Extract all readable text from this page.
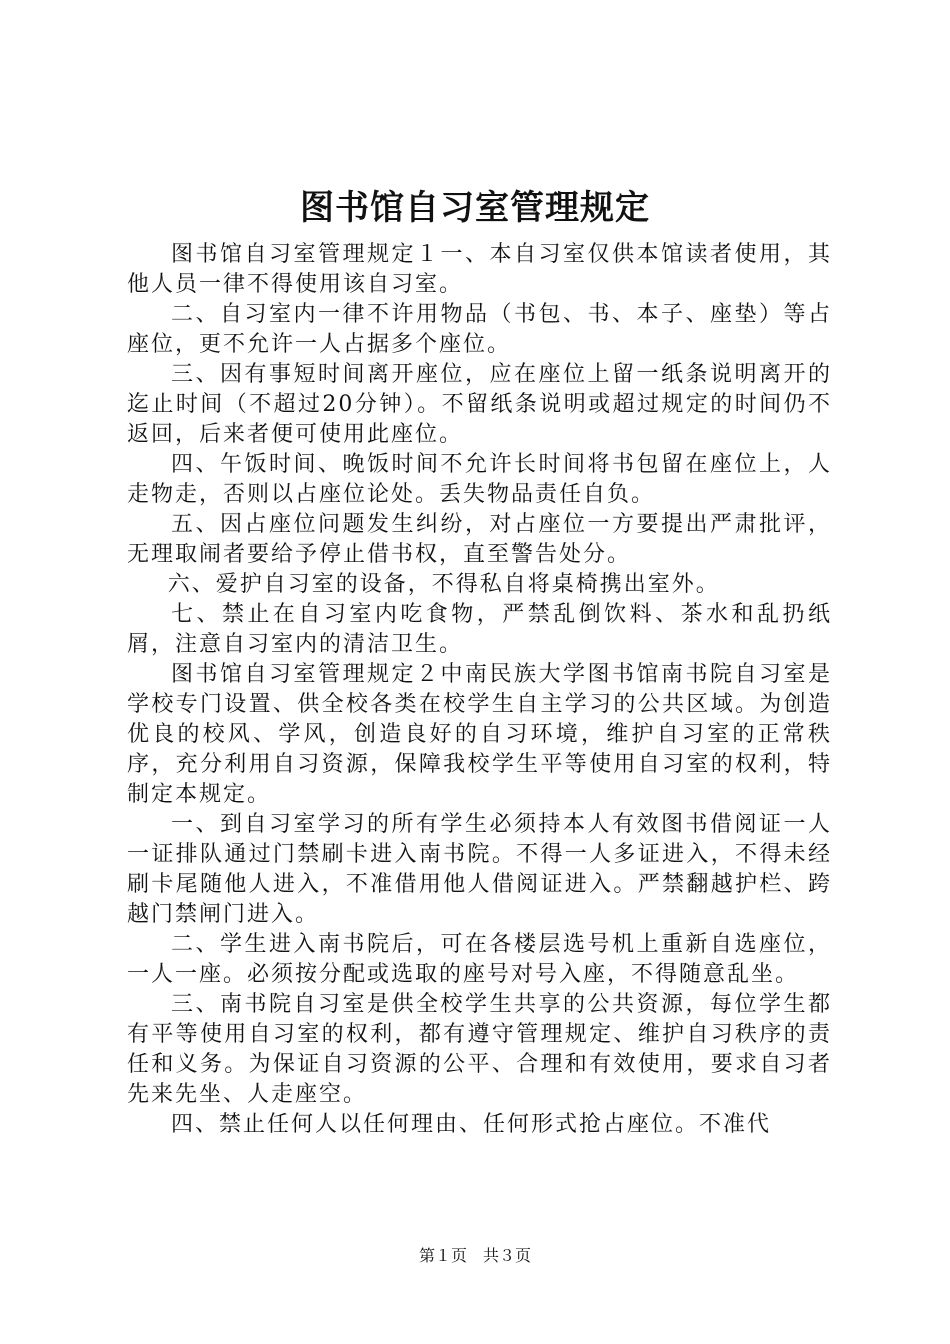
图书馆自习室管理规定

图书馆自习室管理规定１一、本自习室仅供本馆读者使用，其他人员一律不得使用该自习室。

二、自习室内一律不许用物品（书包、书、本子、座垫）等占座位，更不允许一人占据多个座位。

三、因有事短时间离开座位，应在座位上留一纸条说明离开的迄止时间（不超过20分钟）。不留纸条说明或超过规定的时间仍不返回，后来者便可使用此座位。

四、午饭时间、晚饭时间不允许长时间将书包留在座位上，人走物走，否则以占座位论处。丢失物品责任自负。

五、因占座位问题发生纠纷，对占座位一方要提出严肃批评，无理取闹者要给予停止借书权，直至警告处分。

六、爱护自习室的设备，不得私自将桌椅携出室外。

七、禁止在自习室内吃食物，严禁乱倒饮料、茶水和乱扔纸屑，注意自习室内的清洁卫生。

图书馆自习室管理规定２中南民族大学图书馆南书院自习室是学校专门设置、供全校各类在校学生自主学习的公共区域。为创造优良的校风、学风，创造良好的自习环境，维护自习室的正常秩序，充分利用自习资源，保障我校学生平等使用自习室的权利，特制定本规定。

一、到自习室学习的所有学生必须持本人有效图书借阅证一人一证排队通过门禁刷卡进入南书院。不得一人多证进入，不得未经刷卡尾随他人进入，不准借用他人借阅证进入。严禁翻越护栏、跨越门禁闸门进入。

二、学生进入南书院后，可在各楼层选号机上重新自选座位，一人一座。必须按分配或选取的座号对号入座，不得随意乱坐。

三、南书院自习室是供全校学生共享的公共资源，每位学生都有平等使用自习室的权利，都有遵守管理规定、维护自习秩序的责任和义务。为保证自习资源的公平、合理和有效使用，要求自习者先来先坐、人走座空。

四、禁止任何人以任何理由、任何形式抢占座位。不准代

第１页　共３页
